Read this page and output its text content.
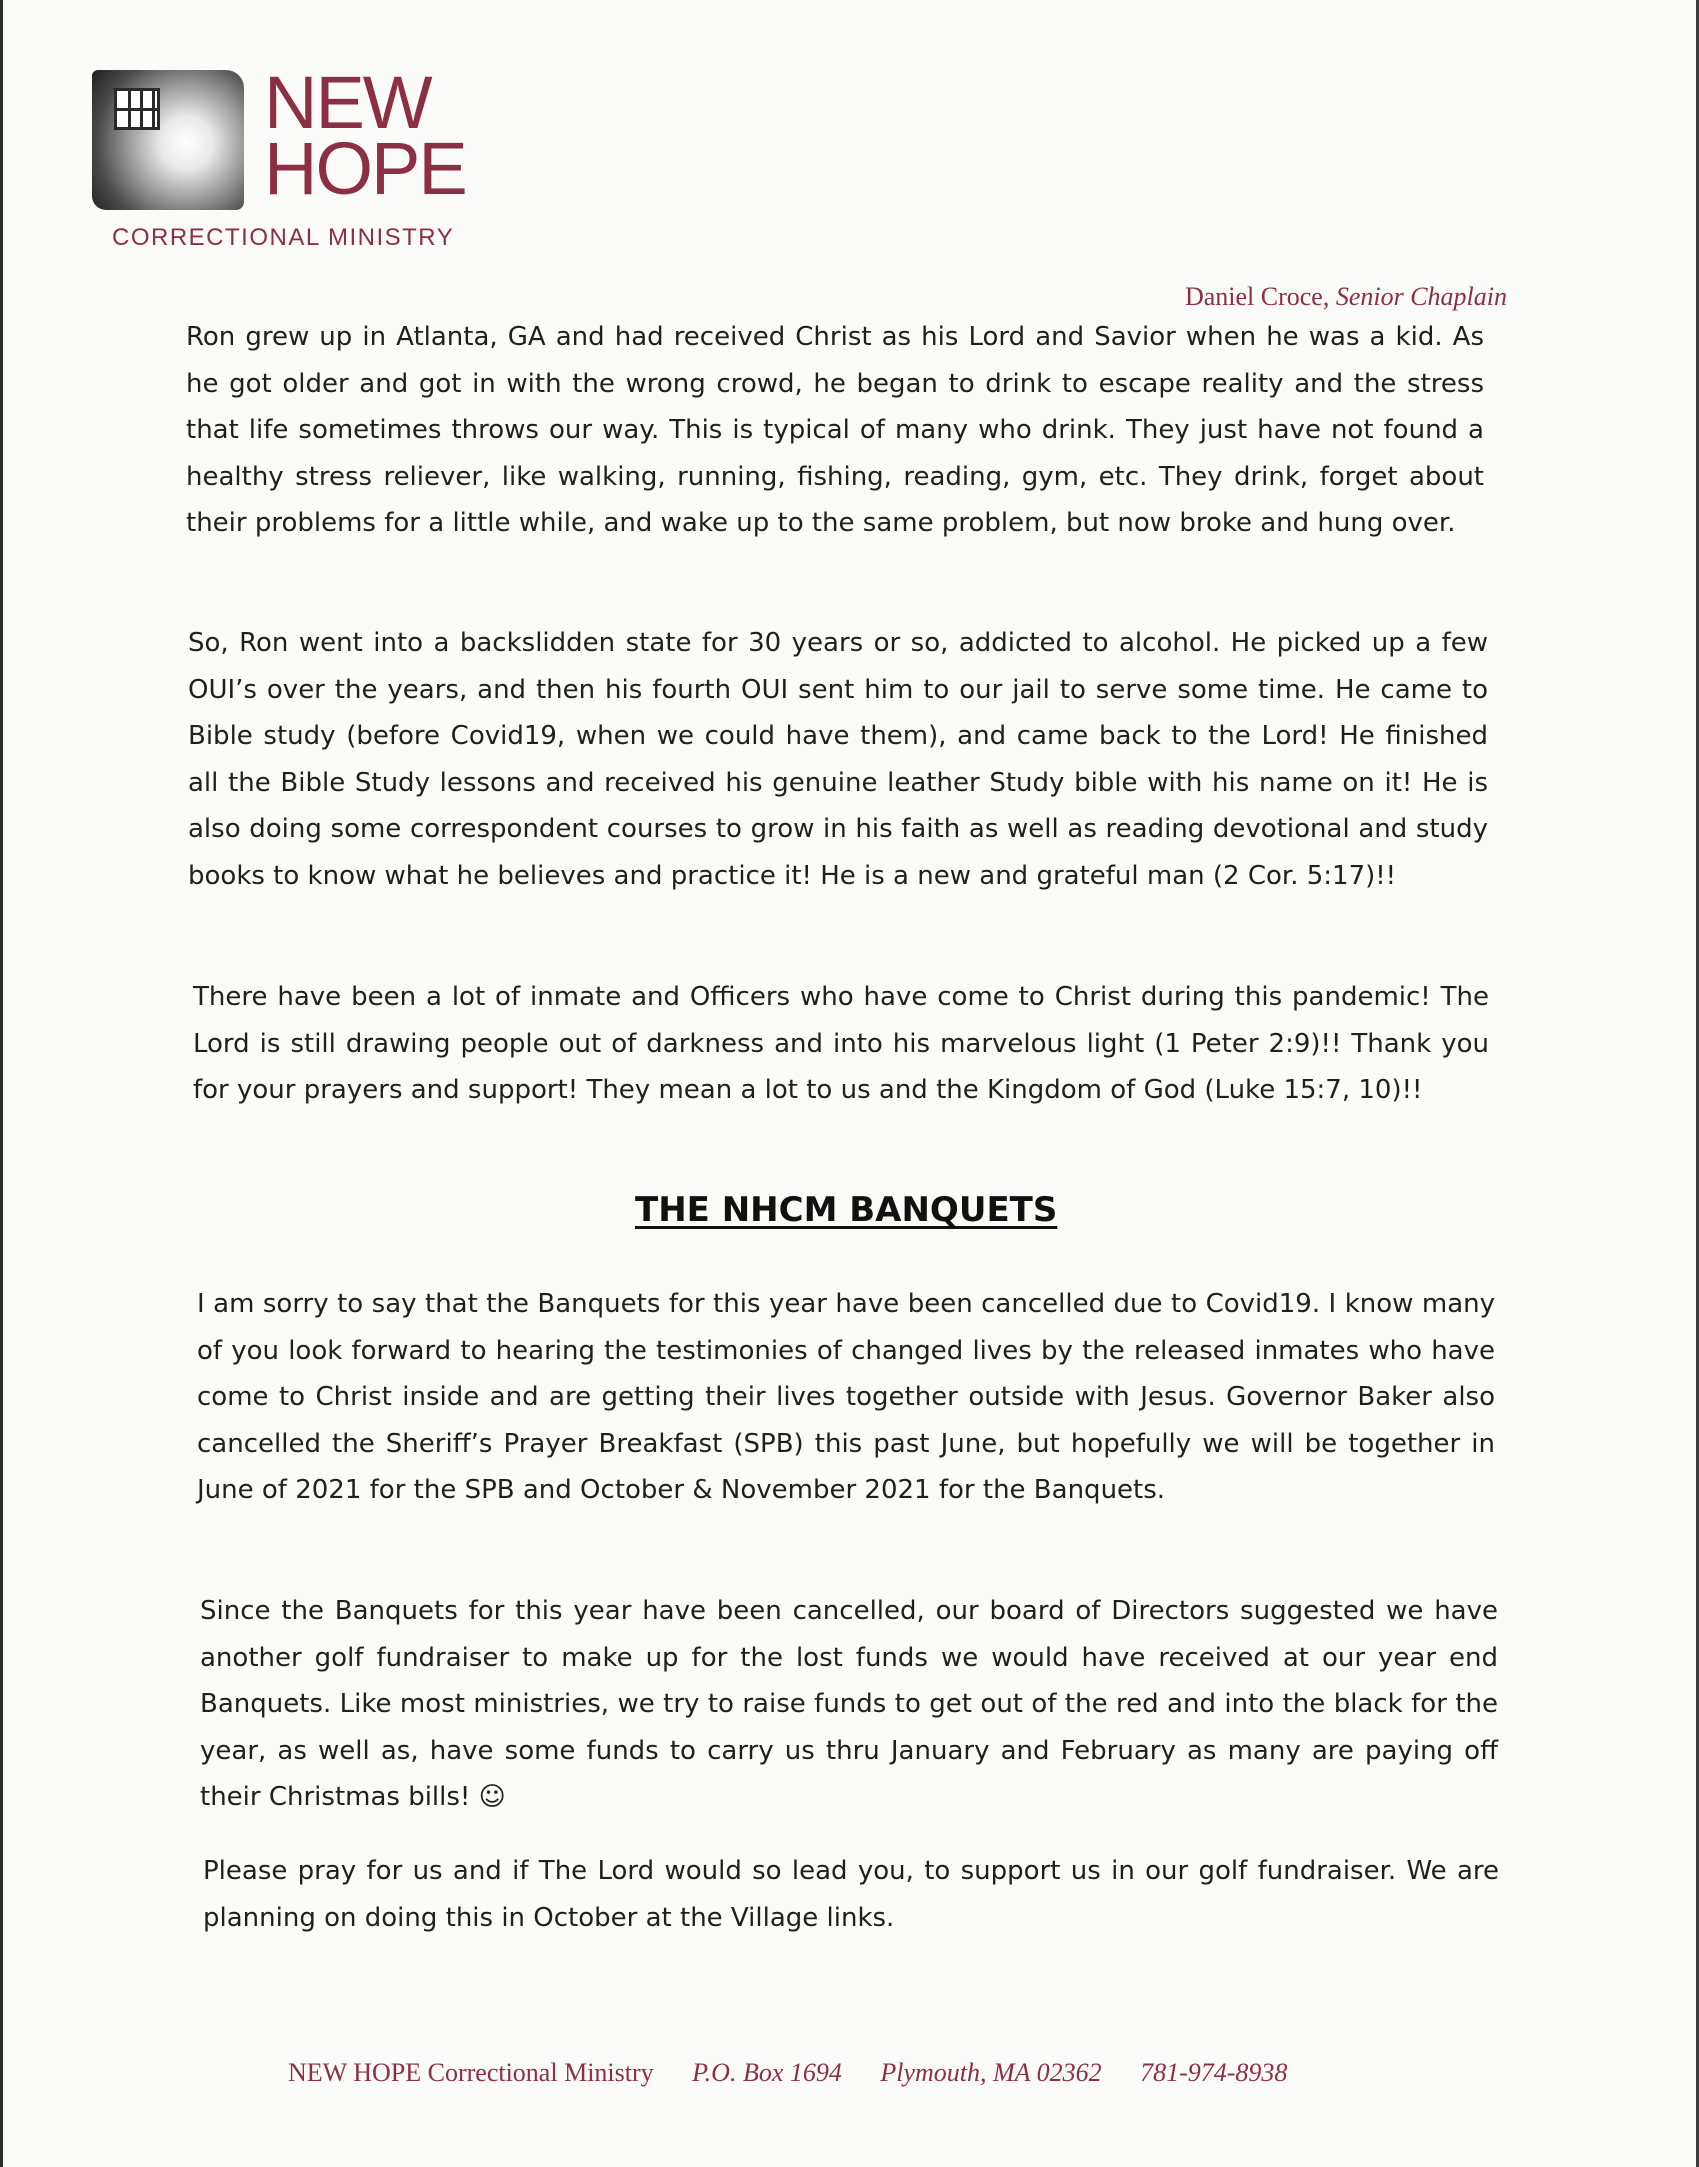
NEW
HOPE
CORRECTIONAL MINISTRY
Daniel Croce, Senior Chaplain
Ron grew up in Atlanta, GA and had received Christ as his Lord and Savior when he was a kid. As he got older and got in with the wrong crowd, he began to drink to escape reality and the stress that life sometimes throws our way. This is typical of many who drink. They just have not found a healthy stress reliever, like walking, running, fishing, reading, gym, etc. They drink, forget about their problems for a little while, and wake up to the same problem, but now broke and hung over.
So, Ron went into a backslidden state for 30 years or so, addicted to alcohol. He picked up a few OUI’s over the years, and then his fourth OUI sent him to our jail to serve some time. He came to Bible study (before Covid19, when we could have them), and came back to the Lord! He finished all the Bible Study lessons and received his genuine leather Study bible with his name on it! He is also doing some correspondent courses to grow in his faith as well as reading devotional and study books to know what he believes and practice it! He is a new and grateful man (2 Cor. 5:17)!!
There have been a lot of inmate and Officers who have come to Christ during this pandemic! The Lord is still drawing people out of darkness and into his marvelous light (1 Peter 2:9)!! Thank you for your prayers and support! They mean a lot to us and the Kingdom of God (Luke 15:7, 10)!!
THE NHCM BANQUETS
I am sorry to say that the Banquets for this year have been cancelled due to Covid19. I know many of you look forward to hearing the testimonies of changed lives by the released inmates who have come to Christ inside and are getting their lives together outside with Jesus. Governor Baker also cancelled the Sheriff’s Prayer Breakfast (SPB) this past June, but hopefully we will be together in June of 2021 for the SPB and October & November 2021 for the Banquets.
Since the Banquets for this year have been cancelled, our board of Directors suggested we have another golf fundraiser to make up for the lost funds we would have received at our year end Banquets. Like most ministries, we try to raise funds to get out of the red and into the black for the year, as well as, have some funds to carry us thru January and February as many are paying off their Christmas bills! ☺
Please pray for us and if The Lord would so lead you, to support us in our golf fundraiser. We are planning on doing this in October at the Village links.
NEW HOPE Correctional Ministry P.O. Box 1694 Plymouth, MA 02362 781-974-8938
